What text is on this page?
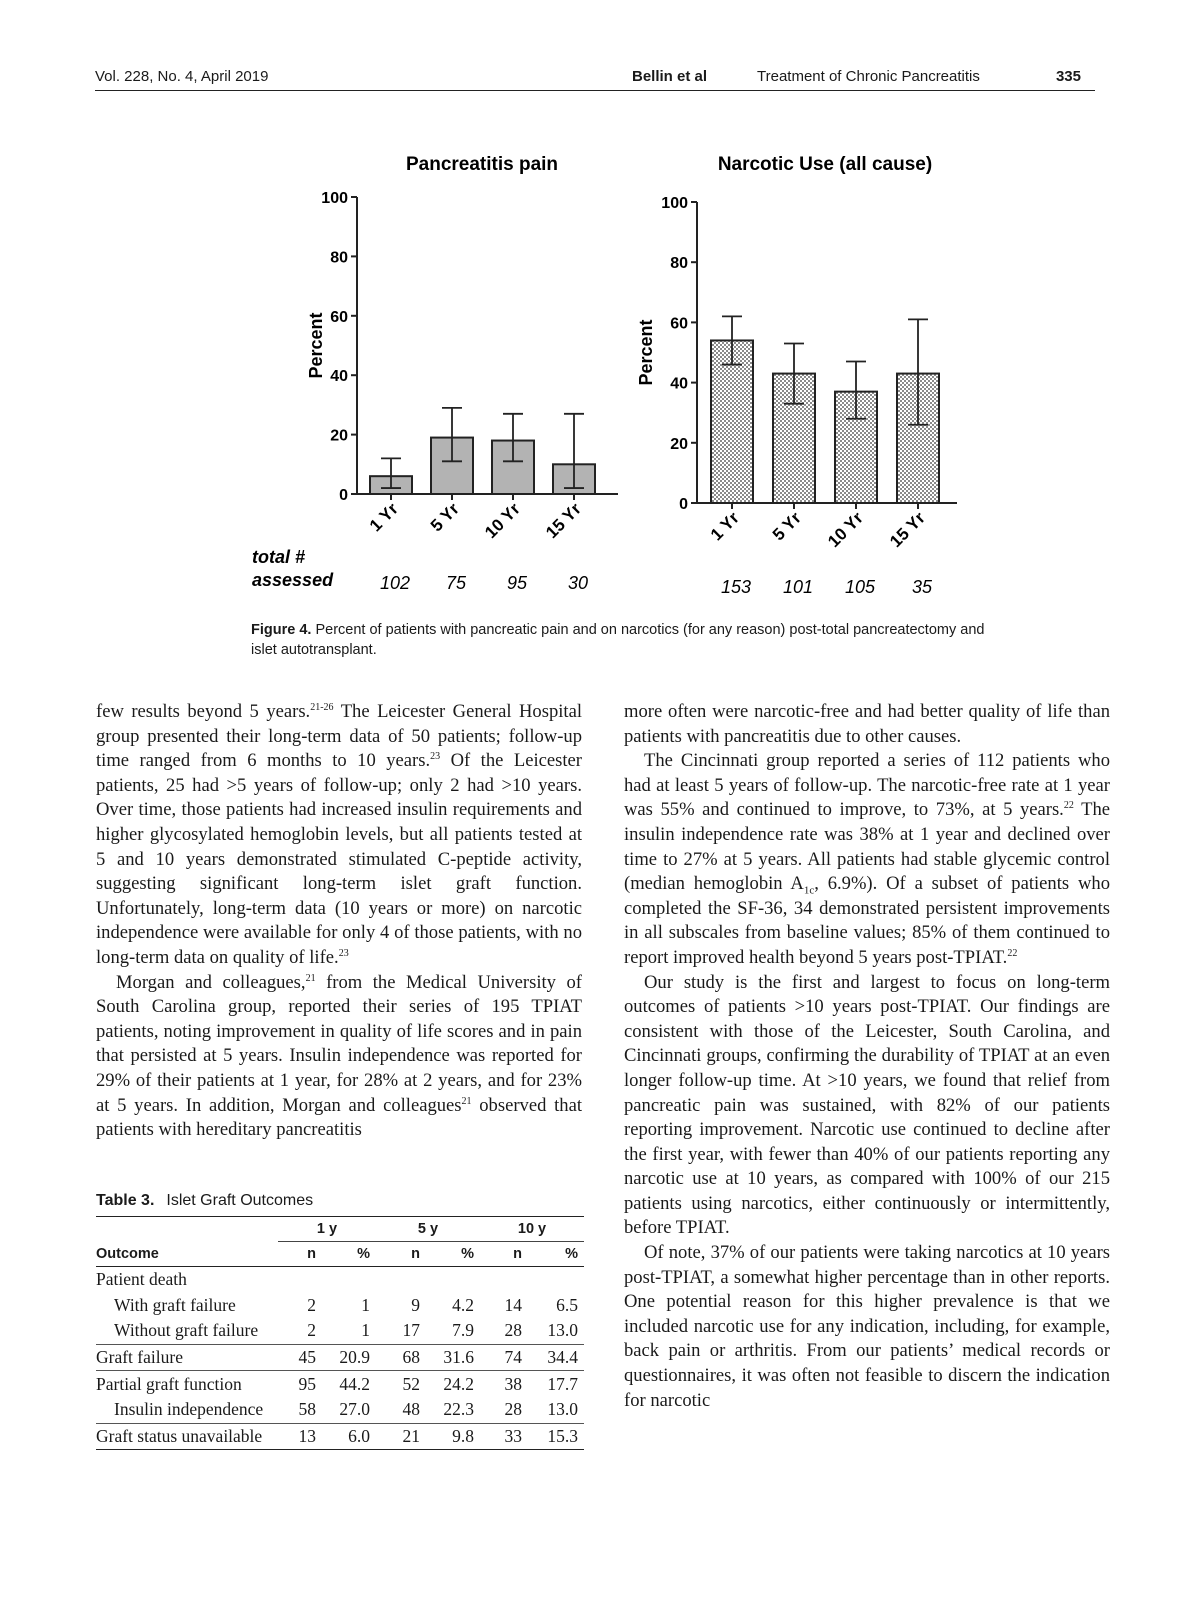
Vol. 228, No. 4, April 2019	Bellin et al	Treatment of Chronic Pancreatitis	335
Pancreatitis pain
Percent
0
20
40
60
80
100
1 Yr
102
5 Yr
75
10 Yr
95
15 Yr
30
Narcotic Use (all cause)
Percent
0
20
40
60
80
100
1 Yr
153
5 Yr
101
10 Yr
105
15 Yr
35
total #
assessed
Figure 4. Percent of patients with pancreatic pain and on narcotics (for any reason) post-total pancreatectomy and islet autotransplant.

few results beyond 5 years.$^{21-26}$ The Leicester General Hospital group presented their long-term data of 50 patients; follow-up time ranged from 6 months to 10 years.$^{23}$ Of the Leicester patients, 25 had >5 years of follow-up; only 2 had >10 years. Over time, those patients had increased insulin requirements and higher glycosylated hemoglobin levels, but all patients tested at 5 and 10 years demonstrated stimulated C-peptide activity, suggesting significant long-term islet graft function. Unfortunately, long-term data (10 years or more) on narcotic independence were available for only 4 of those patients, with no long-term data on quality of life.$^{23}$

Morgan and colleagues,$^{21}$ from the Medical University of South Carolina group, reported their series of 195 TPIAT patients, noting improvement in quality of life scores and in pain that persisted at 5 years. Insulin independence was reported for 29% of their patients at 1 year, for 28% at 2 years, and for 23% at 5 years. In addition, Morgan and colleagues$^{21}$ observed that patients with hereditary pancreatitis

Table 3. Islet Graft Outcomes
	1 y		5 y		10 y	
Outcome	n	%	n	%	n	%
Patient death						
With graft failure	2	1	9	4.2	14	6.5
Without graft failure	2	1	17	7.9	28	13.0
Graft failure	45	20.9	68	31.6	74	34.4
Partial graft function	95	44.2	52	24.2	38	17.7
Insulin independence	58	27.0	48	22.3	28	13.0
Graft status unavailable	13	6.0	21	9.8	33	15.3

more often were narcotic-free and had better quality of life than patients with pancreatitis due to other causes.

The Cincinnati group reported a series of 112 patients who had at least 5 years of follow-up. The narcotic-free rate at 1 year was 55% and continued to improve, to 73%, at 5 years.$^{22}$ The insulin independence rate was 38% at 1 year and declined over time to 27% at 5 years. All patients had stable glycemic control (median hemoglobin $A_{1c}$, 6.9%). Of a subset of patients who completed the SF-36, 34 demonstrated persistent improvements in all subscales from baseline values; 85% of them continued to report improved health beyond 5 years post-TPIAT.$^{22}$

Our study is the first and largest to focus on long-term outcomes of patients >10 years post-TPIAT. Our findings are consistent with those of the Leicester, South Carolina, and Cincinnati groups, confirming the durability of TPIAT at an even longer follow-up time. At >10 years, we found that relief from pancreatic pain was sustained, with 82% of our patients reporting improvement. Narcotic use continued to decline after the first year, with fewer than 40% of our patients reporting any narcotic use at 10 years, as compared with 100% of our 215 patients using narcotics, either continuously or intermittently, before TPIAT.

Of note, 37% of our patients were taking narcotics at 10 years post-TPIAT, a somewhat higher percentage than in other reports. One potential reason for this higher prevalence is that we included narcotic use for any indication, including, for example, back pain or arthritis. From our patients’ medical records or questionnaires, it was often not feasible to discern the indication for narcotic
